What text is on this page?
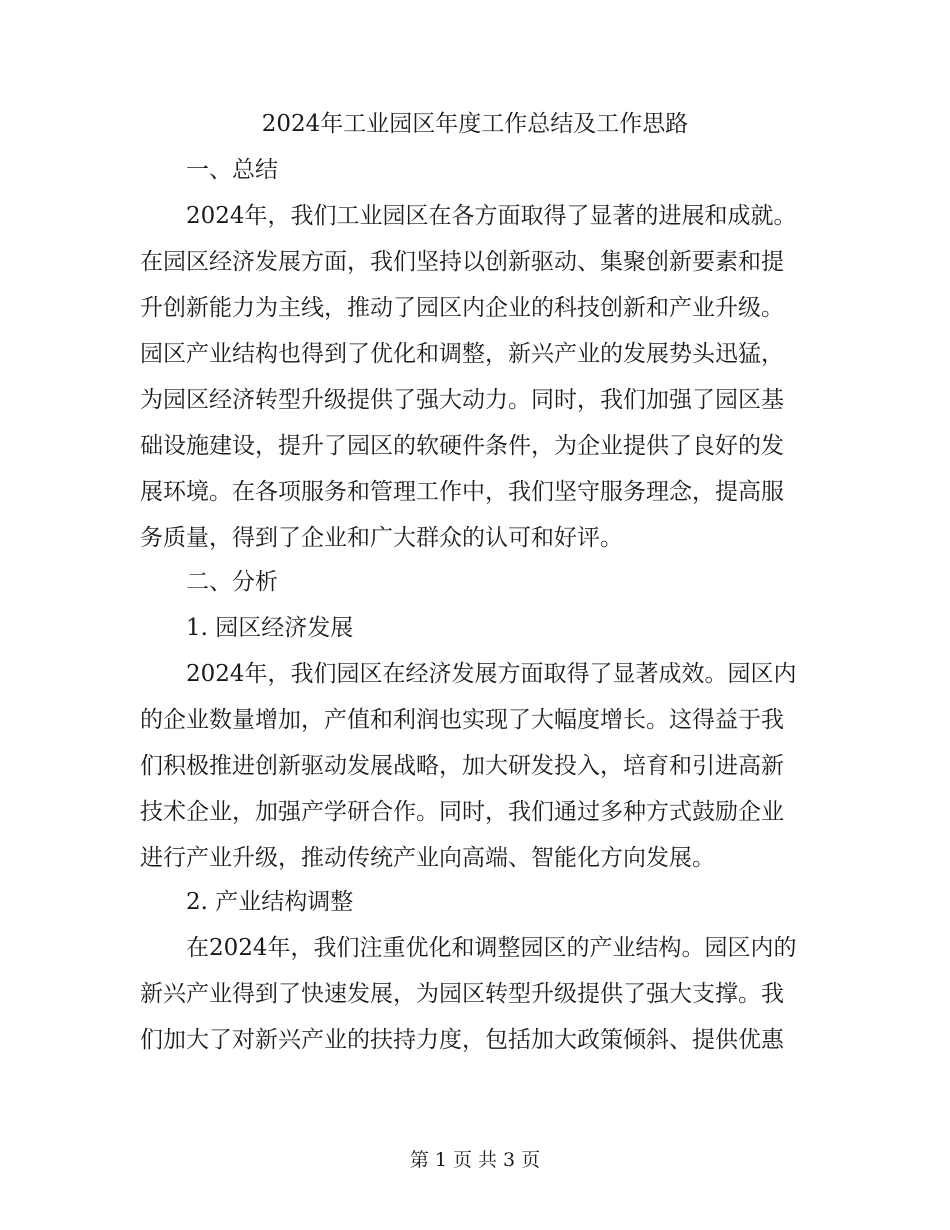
2024年工业园区年度工作总结及工作思路
一、总结
2024年，我们工业园区在各方面取得了显著的进展和成就。
在园区经济发展方面，我们坚持以创新驱动、集聚创新要素和提
升创新能力为主线，推动了园区内企业的科技创新和产业升级。
园区产业结构也得到了优化和调整，新兴产业的发展势头迅猛，
为园区经济转型升级提供了强大动力。同时，我们加强了园区基
础设施建设，提升了园区的软硬件条件，为企业提供了良好的发
展环境。在各项服务和管理工作中，我们坚守服务理念，提高服
务质量，得到了企业和广大群众的认可和好评。
二、分析
1. 园区经济发展
2024年，我们园区在经济发展方面取得了显著成效。园区内
的企业数量增加，产值和利润也实现了大幅度增长。这得益于我
们积极推进创新驱动发展战略，加大研发投入，培育和引进高新
技术企业，加强产学研合作。同时，我们通过多种方式鼓励企业
进行产业升级，推动传统产业向高端、智能化方向发展。
2. 产业结构调整
在2024年，我们注重优化和调整园区的产业结构。园区内的
新兴产业得到了快速发展，为园区转型升级提供了强大支撑。我
们加大了对新兴产业的扶持力度，包括加大政策倾斜、提供优惠
第 1 页 共 3 页
